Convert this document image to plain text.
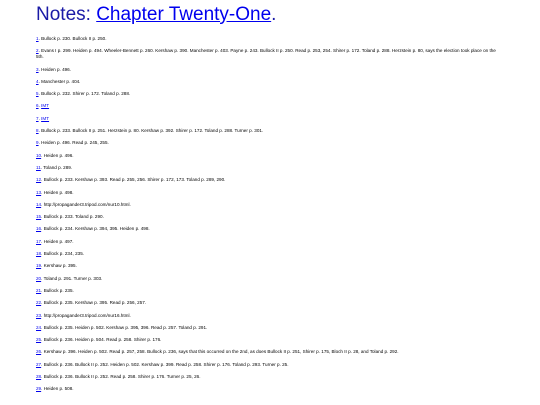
Notes: Chapter Twenty-One.
1. Bullock p. 230. Bullock II p. 250.
2. Evans I p. 299. Heiden p. 494. Wheeler-Bennett p. 260. Kershaw p. 390. Manchester p. 403. Payne p. 243. Bullock II p. 250. Read p. 253, 254. Shirer p. 172. Toland p. 288. Herzstein p. 80, says the election took place on the 5th.
3. Heiden p. 496.
4. Manchester p. 404.
5. Bullock p. 232. Shirer p. 172. Toland p. 288.
6. IMT
7. IMT
8. Bullock p. 233. Bullock II p. 251. Herzstein p. 80. Kershaw p. 392. Shirer p. 172. Toland p. 288. Turner p. 301.
9. Heiden p. 496. Read p. 245, 255.
10. Heiden p. 496.
11. Toland p. 289.
12. Bullock p. 233. Kershaw p. 393. Read p. 255, 256. Shirer p. 172, 173. Toland p. 289, 290.
13. Heiden p. 498.
14. http://propagander3.tripod.com/nur10.html.
15. Bullock p. 233. Toland p. 290.
16. Bullock p. 234. Kershaw p. 394, 395. Heiden p. 498.
17. Heiden p. 497.
18. Bullock p. 234, 235.
19. Kershaw p. 395.
20. Toland p. 291. Turner p. 303.
21. Bullock p. 235.
22. Bullock p. 235. Kershaw p. 395. Read p. 256, 257.
23. http://propagander3.tripod.com/nur16.html.
24. Bullock p. 235. Heiden p. 502. Kershaw p. 395, 396. Read p. 257. Toland p. 291.
25. Bullock p. 236. Heiden p. 504. Read p. 258. Shirer p. 176.
26. Kershaw p. 396. Heiden p. 502. Read p. 257, 258. Bullock p. 236, says that this occurred on the 2nd, as does Bullock II p. 251, Shirer p. 175, Bloch II p. 28, and Toland p. 292.
27. Bullock p. 236. Bullock II p. 252. Heiden p. 502. Kershaw p. 399. Read p. 258. Shirer p. 176. Toland p. 293. Turner p. 25.
28. Bullock p. 236. Bullock II p. 252. Read p. 258. Shirer p. 176. Turner p. 25, 26.
29. Heiden p. 508.
